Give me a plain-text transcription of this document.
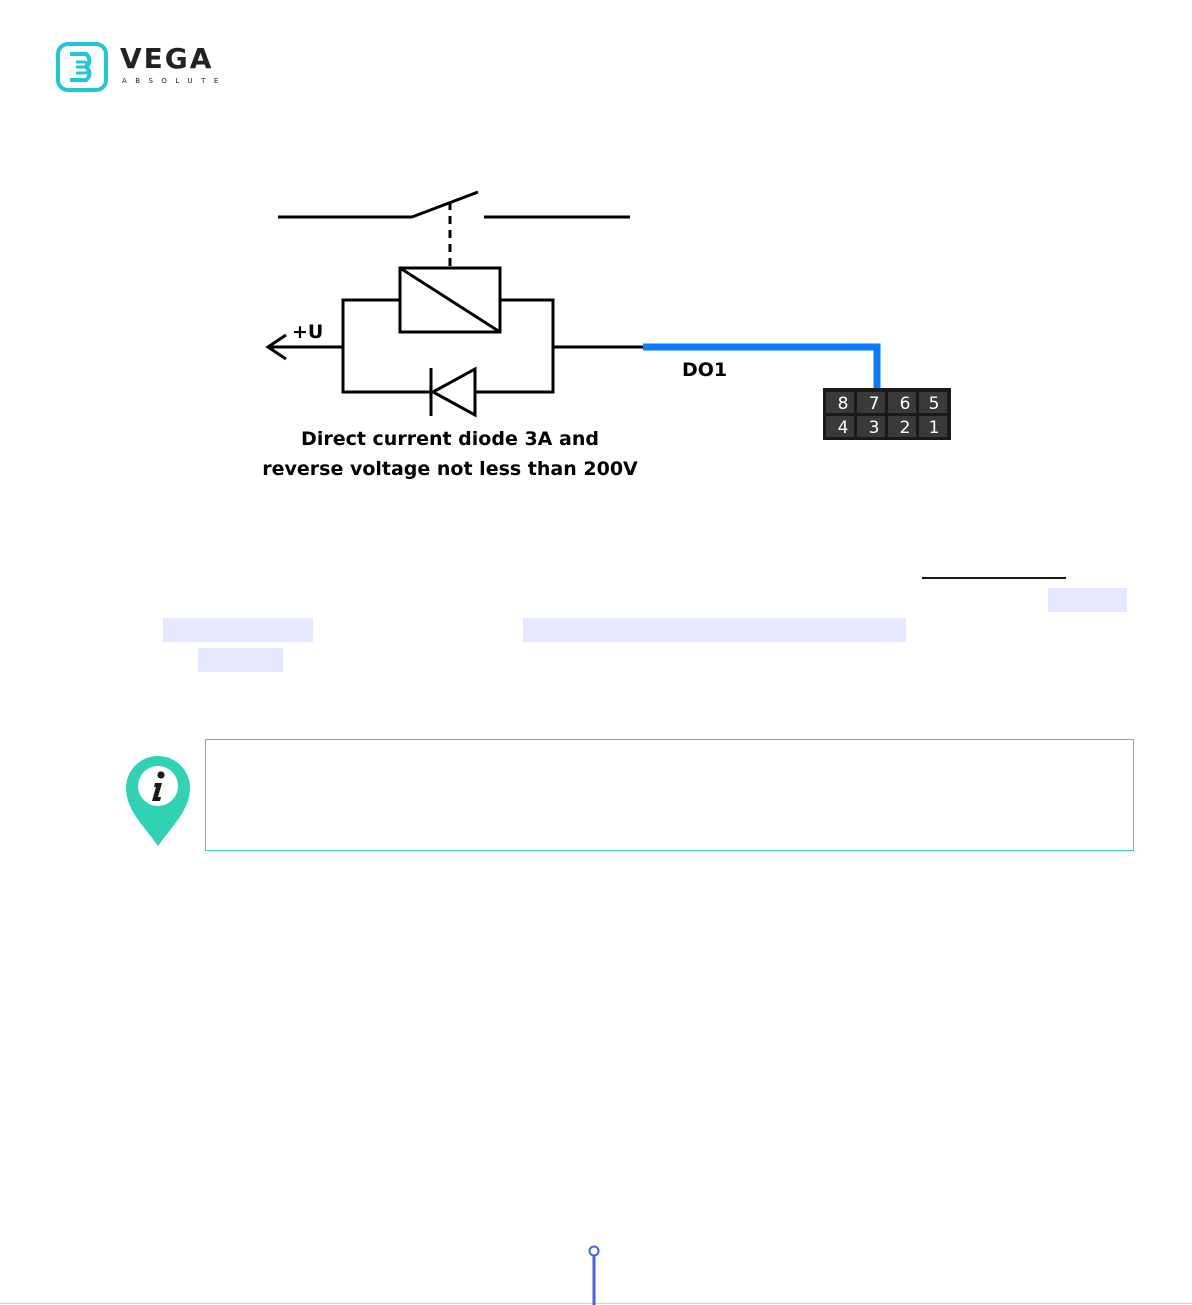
VEGA
ABSOLUTE
+U
DO1
Direct current diode 3A and
reverse voltage not less than 200V
8 7 6 5
4 3 2 1
